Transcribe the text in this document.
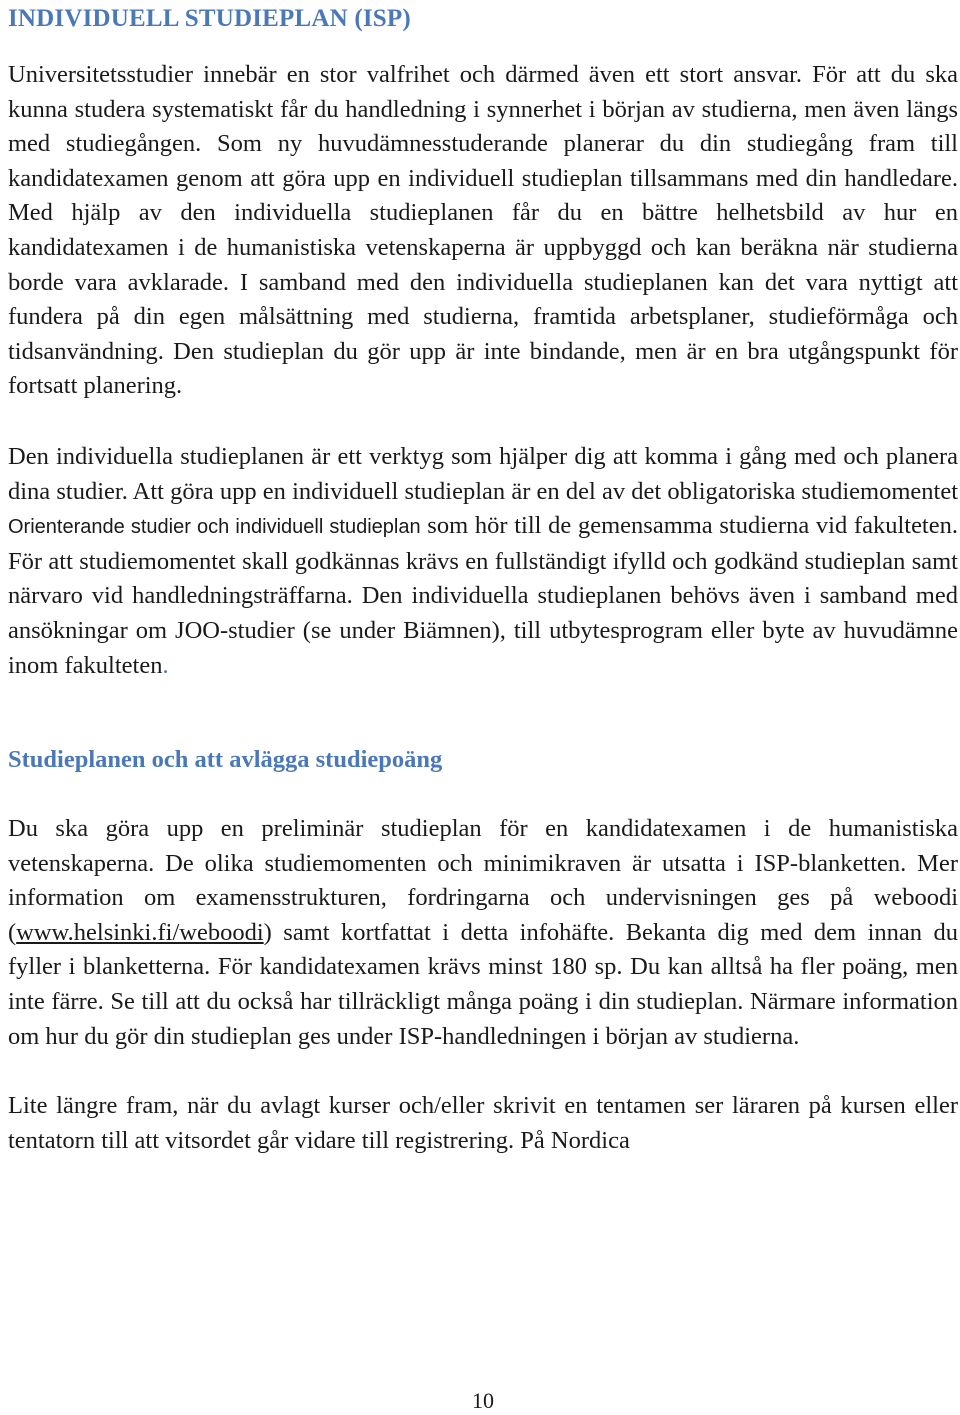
INDIVIDUELL STUDIEPLAN (ISP)

Universitetsstudier innebär en stor valfrihet och därmed även ett stort ansvar. För att du ska kunna studera systematiskt får du handledning i synnerhet i början av studierna, men även längs med studiegången. Som ny huvudämnesstuderande planerar du din studiegång fram till kandidatexamen genom att göra upp en individuell studieplan tillsammans med din handledare. Med hjälp av den individuella studieplanen får du en bättre helhetsbild av hur en kandidatexamen i de humanistiska vetenskaperna är uppbyggd och kan beräkna när studierna borde vara avklarade. I samband med den individuella studieplanen kan det vara nyttigt att fundera på din egen målsättning med studierna, framtida arbetsplaner, studieförmåga och tidsanvändning. Den studieplan du gör upp är inte bindande, men är en bra utgångspunkt för fortsatt planering.

Den individuella studieplanen är ett verktyg som hjälper dig att komma i gång med och planera dina studier. Att göra upp en individuell studieplan är en del av det obligatoriska studiemomentet Orienterande studier och individuell studieplan som hör till de gemensamma studierna vid fakulteten. För att studiemomentet skall godkännas krävs en fullständigt ifylld och godkänd studieplan samt närvaro vid handledningsträffarna. Den individuella studieplanen behövs även i samband med ansökningar om JOO-studier (se under Biämnen), till utbytesprogram eller byte av huvudämne inom fakulteten.

Studieplanen och att avlägga studiepoäng

Du ska göra upp en preliminär studieplan för en kandidatexamen i de humanistiska vetenskaperna. De olika studiemomenten och minimikraven är utsatta i ISP-blanketten. Mer information om examensstrukturen, fordringarna och undervisningen ges på weboodi (www.helsinki.fi/weboodi) samt kortfattat i detta infohäfte. Bekanta dig med dem innan du fyller i blanketterna. För kandidatexamen krävs minst 180 sp. Du kan alltså ha fler poäng, men inte färre. Se till att du också har tillräckligt många poäng i din studieplan. Närmare information om hur du gör din studieplan ges under ISP-handledningen i början av studierna.

Lite längre fram, när du avlagt kurser och/eller skrivit en tentamen ser läraren på kursen eller tentatorn till att vitsordet går vidare till registrering. På Nordica

10
